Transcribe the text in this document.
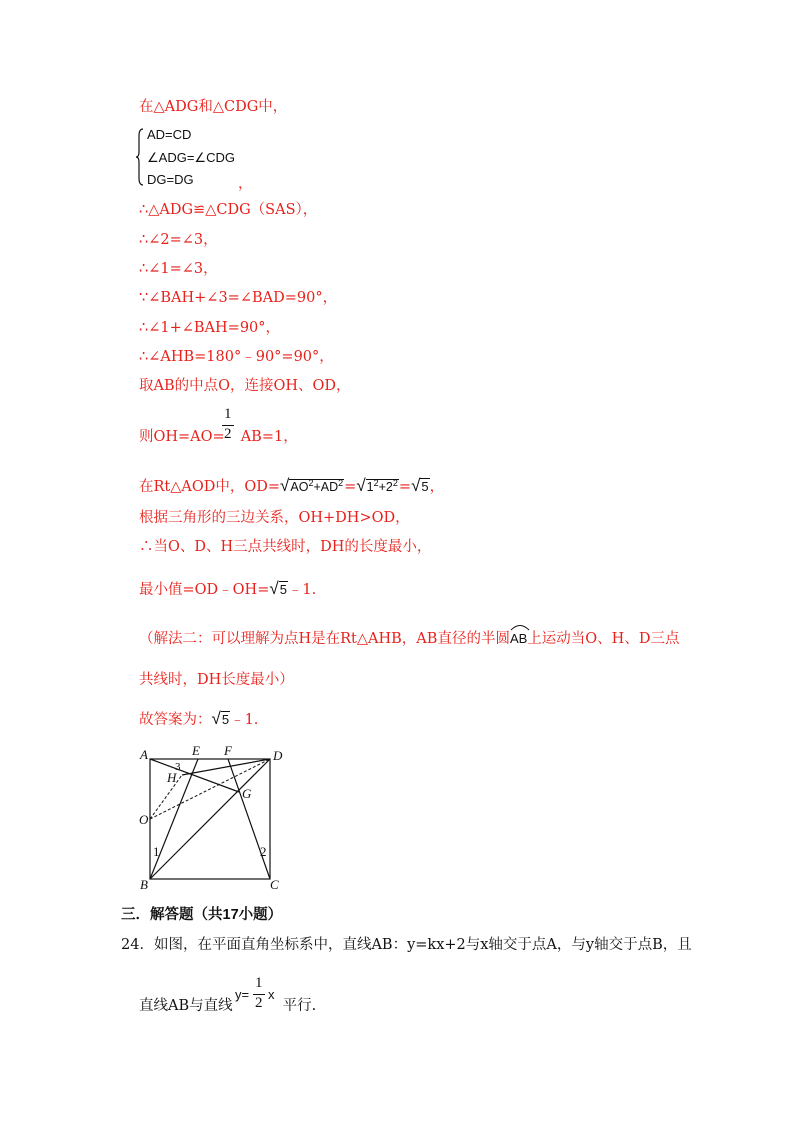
在△ADG和△CDG中，
AD=CD
∠ADG=∠CDG
DG=DG	，
∴△ADG≌△CDG（SAS），
∴∠2=∠3，
∴∠1=∠3，
∵∠BAH+∠3=∠BAD=90°，
∴∠1+∠BAH=90°，
∴∠AHB=180°﹣90°=90°，
取AB的中点O，连接OH、OD，
则OH=AO= AB=1，
1
2
在Rt△AOD中，$OD=√AO^2+AD^2=√1^2+2^2=√5$，
根据三角形的三边关系，OH+DH>OD，
∴当O、D、H三点共线时，DH的长度最小，
最小值=OD﹣OH=√5﹣1.
（解法二：可以理解为点H是在Rt△AHB，AB直径的半圆
AB上运动当O、H、D三点
共线时，DH长度最小）
故答案为：√5﹣1.
A	E F	D
H
G
O
B	C
1	2
3
三．解答题（共17小题）
24．如图，在平面直角坐标系中，直线AB：y=kx+2与x轴交于点A，与y轴交于点B，且
直线AB与直线	平行.
y=
1
2
x
